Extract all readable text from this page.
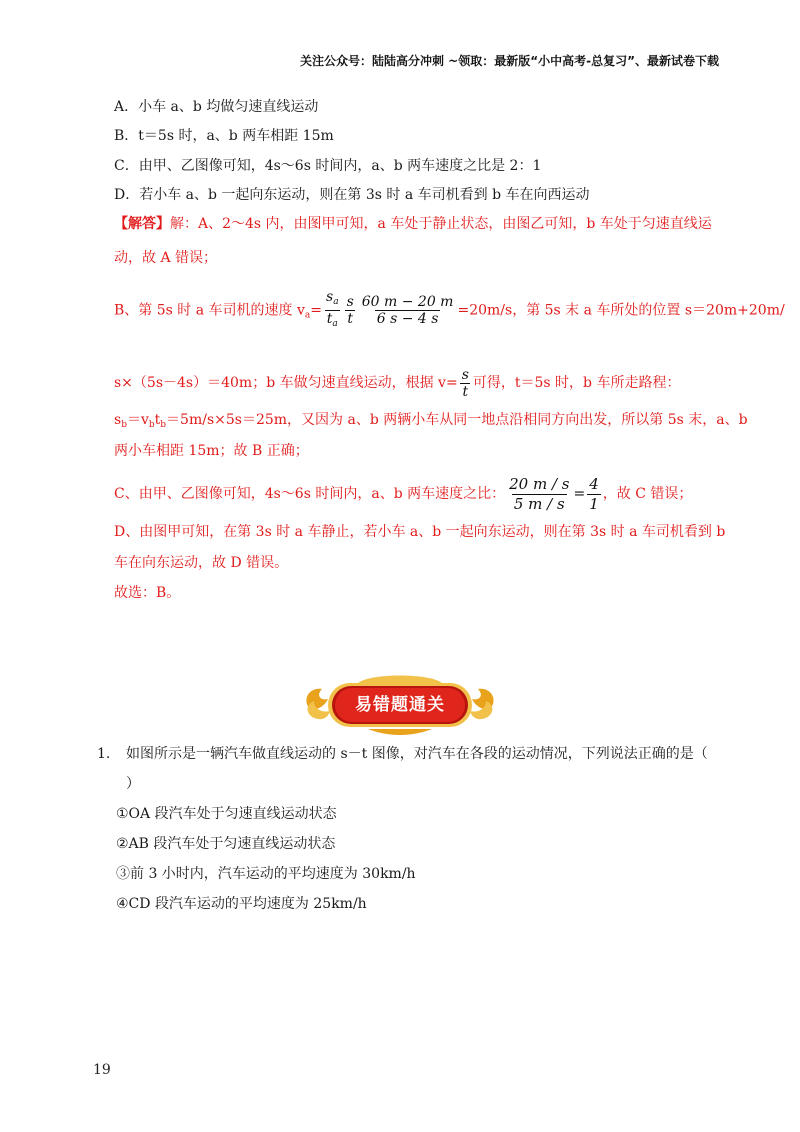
关注公众号：陆陆高分冲刺 ~领取：最新版“小中高考-总复习”、最新试卷下载
A．小车 a、b 均做匀速直线运动
B．t＝5s 时，a、b 两车相距 15m
C．由甲、乙图像可知，4s～6s 时间内，a、b 两车速度之比是 2：1
D．若小车 a、b 一起向东运动，则在第 3s 时 a 车司机看到 b 车在向西运动
【解答】解：A、2～4s 内，由图甲可知，a 车处于静止状态，由图乙可知，b 车处于匀速直线运
动，故 A 错误；
B、第 5s 时 a 车司机的速度 $v_a= \frac{s_a}{t_a} \frac{s}{t} \frac{60 m - 20 m}{6 s - 4 s} =20m/s$，第 5s 末 a 车所处的位置 s＝20m+20m/
s×（5s－4s）＝40m；b 车做匀速直线运动，根据 $v= \frac{s}{t}$ 可得，t＝5s 时，b 车所走路程：
$s_b=v_bt_b=5m/s\times 5s=25m$，又因为 a、b 两辆小车从同一地点沿相同方向出发，所以第 5s 末，a、b
两小车相距 15m；故 B 正确；
C、由甲、乙图像可知，4s～6s 时间内，a、b 两车速度之比： $\frac{20 m / s}{5 m / s} = \frac{4}{1}$ ，故 C 错误；
D、由图甲可知，在第 3s 时 a 车静止，若小车 a、b 一起向东运动，则在第 3s 时 a 车司机看到 b
车在向东运动，故 D 错误。
故选：B。
易错题通关
1. 如图所示是一辆汽车做直线运动的 s－t 图像，对汽车在各段的运动情况，下列说法正确的是（
）
①OA 段汽车处于匀速直线运动状态
②AB 段汽车处于匀速直线运动状态
③前 3 小时内，汽车运动的平均速度为 30km/h
④CD 段汽车运动的平均速度为 25km/h
19
